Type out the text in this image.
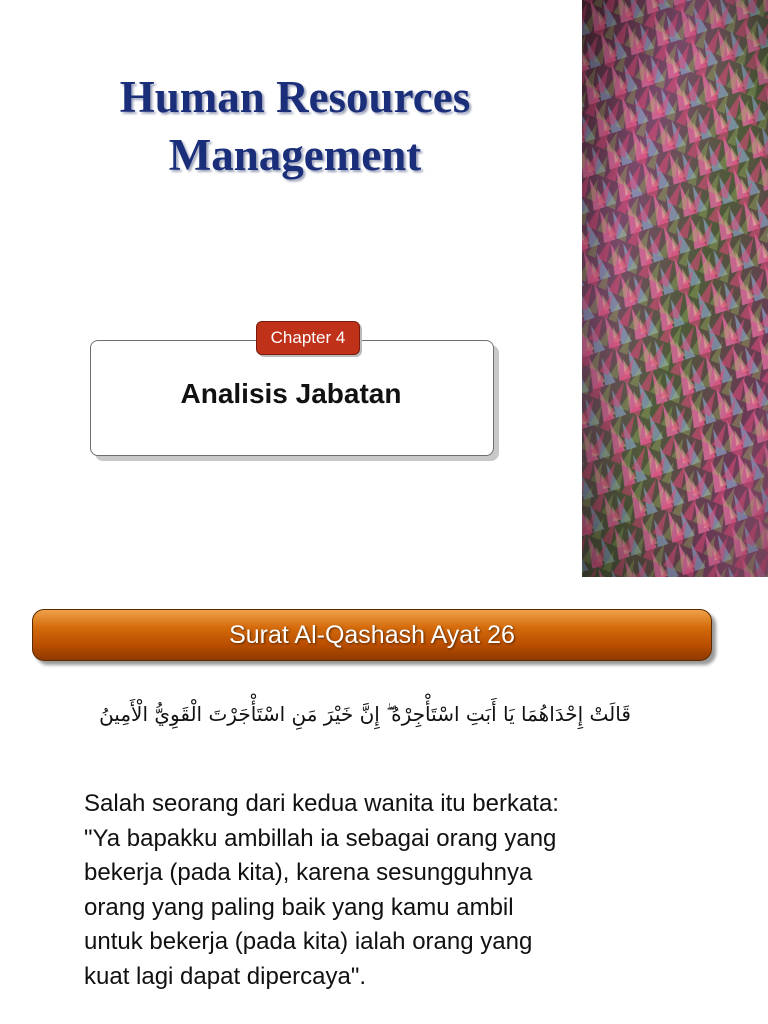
Human Resources
Management
Chapter 4
Analisis Jabatan
Surat Al-Qashash Ayat 26
قَالَتْ إِحْدَاهُمَا يَا أَبَتِ اسْتَأْجِرْهُ ۖ إِنَّ خَيْرَ مَنِ اسْتَأْجَرْتَ الْقَوِيُّ الْأَمِينُ

Salah seorang dari kedua wanita itu berkata:
"Ya bapakku ambillah ia sebagai orang yang
bekerja (pada kita), karena sesungguhnya
orang yang paling baik yang kamu ambil
untuk bekerja (pada kita) ialah orang yang
kuat lagi dapat dipercaya".
